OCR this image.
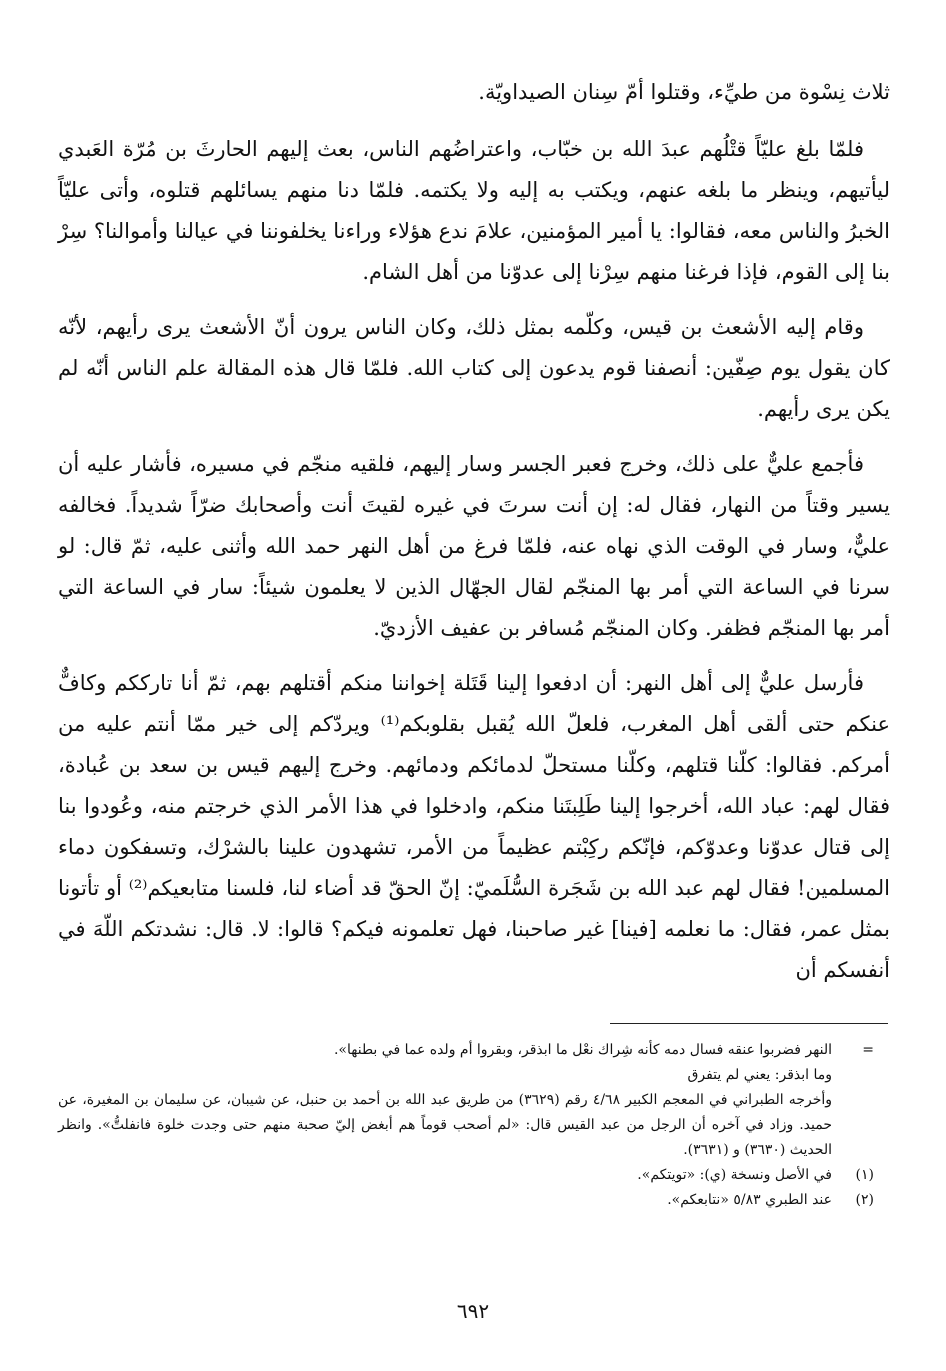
ثلاث نِسْوة من طيِّء، وقتلوا أمّ سِنان الصيداويّة.

فلمّا بلغ عليّاً قتْلُهم عبدَ الله بن خبّاب، واعتراضُهم الناس، بعث إليهم الحارثَ بن مُرّة العَبدي ليأتيهم، وينظر ما بلغه عنهم، ويكتب به إليه ولا يكتمه. فلمّا دنا منهم يسائلهم قتلوه، وأتى عليّاً الخبرُ والناس معه، فقالوا: يا أمير المؤمنين، علامَ ندع هؤلاء وراءنا يخلفوننا في عيالنا وأموالنا؟ سِرْ بنا إلى القوم، فإذا فرغنا منهم سِرْنا إلى عدوّنا من أهل الشام.

وقام إليه الأشعث بن قيس، وكلّمه بمثل ذلك، وكان الناس يرون أنّ الأشعث يرى رأيهم، لأنّه كان يقول يوم صِفّين: أنصفنا قوم يدعون إلى كتاب الله. فلمّا قال هذه المقالة علم الناس أنّه لم يكن يرى رأيهم.

فأجمع عليٌّ على ذلك، وخرج فعبر الجسر وسار إليهم، فلقيه منجّم في مسيره، فأشار عليه أن يسير وقتاً من النهار، فقال له: إن أنت سرتَ في غيره لقيتَ أنت وأصحابك ضرّاً شديداً. فخالفه عليٌّ، وسار في الوقت الذي نهاه عنه، فلمّا فرغ من أهل النهر حمد الله وأثنى عليه، ثمّ قال: لو سرنا في الساعة التي أمر بها المنجّم لقال الجهّال الذين لا يعلمون شيئاً: سار في الساعة التي أمر بها المنجّم فظفر. وكان المنجّم مُسافر بن عفيف الأزديّ.

فأرسل عليٌّ إلى أهل النهر: أن ادفعوا إلينا قَتَلة إخواننا منكم أقتلهم بهم، ثمّ أنا تارككم وكافٌّ عنكم حتى ألقى أهل المغرب، فلعلّ الله يُقبل بقلوبكم⁽¹⁾ ويردّكم إلى خير ممّا أنتم عليه من أمركم. فقالوا: كلّنا قتلهم، وكلّنا مستحلّ لدمائكم ودمائهم. وخرج إليهم قيس بن سعد بن عُبادة، فقال لهم: عباد الله، أخرجوا إلينا طَلِبتَنا منكم، وادخلوا في هذا الأمر الذي خرجتم منه، وعُودوا بنا إلى قتال عدوّنا وعدوّكم، فإنّكم ركِبْتم عظيماً من الأمر، تشهدون علينا بالشرْك، وتسفكون دماء المسلمين! فقال لهم عبد الله بن شَجَرة السُّلَميّ: إنّ الحقّ قد أضاء لنا، فلسنا متابعيكم⁽²⁾ أو تأتونا بمثل عمر، فقال: ما نعلمه [فينا] غير صاحبنا، فهل تعلمونه فيكم؟ قالوا: لا. قال: نشدتكم اللّهَ في أنفسكم أن

=
النهر فضربوا عنقه فسال دمه كأنه شِراك نعْل ما ابذقر، وبقروا أم ولده عما في بطنها».

وما ابذقر: يعني لم يتفرق

وأخرجه الطبراني في المعجم الكبير ٤/٦٨ رقم (٣٦٢٩) من طريق عبد الله بن أحمد بن حنبل، عن شيبان، عن سليمان بن المغيرة، عن حميد. وزاد في آخره أن الرجل من عبد القيس قال: «لم أصحب قوماً هم أبغض إليّ صحبة منهم حتى وجدت خلوة فانفلتُّ». وانظر الحديث (٣٦٣٠) و (٣٦٣١).

(١)
في الأصل ونسخة (ي): «تويتكم».

(٢)
عند الطبري ٥/٨٣ «نتابعكم».

٦٩٢
